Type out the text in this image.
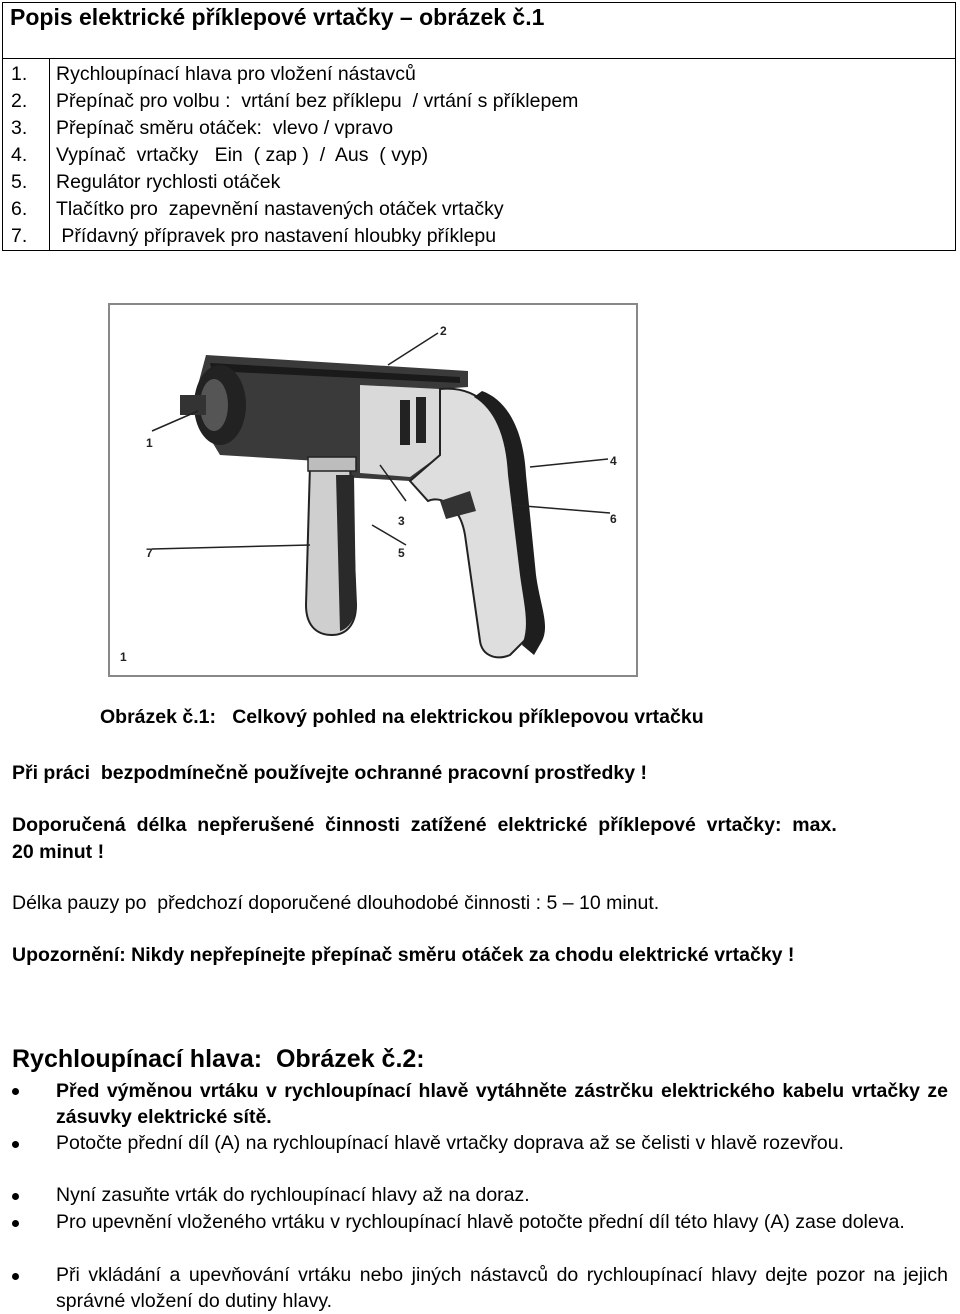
Popis elektrické příklepové vrtačky – obrázek č.1
1. Rychloupínací hlava pro vložení nástavců
2. Přepínač pro volbu :  vrtání bez příklepu  / vrtání s příklepem
3. Přepínač směru otáček:  vlevo / vpravo
4. Vypínač  vrtačky   Ein  ( zap )  /  Aus  ( vyp)
5. Regulátor rychlosti otáček
6. Tlačítko pro  zapevnění nastavených otáček vrtačky
7. Přídavný přípravek pro nastavení hloubky příklepu
1
2
3
4
5
6
7
1
Obrázek č.1:   Celkový pohled na elektrickou příklepovou vrtačku
Při práci  bezpodmínečně používejte ochranné pracovní prostředky !
Doporučená  délka  nepřerušené  činnosti  zatížené  elektrické  příklepové  vrtačky:  max.
20 minut !
Délka pauzy po  předchozí doporučené dlouhodobé činnosti : 5 – 10 minut.
Upozornění: Nikdy nepřepínejte přepínač směru otáček za chodu elektrické vrtačky !
Rychloupínací hlava:  Obrázek č.2:
Před výměnou vrtáku v rychloupínací hlavě vytáhněte zástrčku elektrického kabelu vrtačky ze zásuvky elektrické sítě.
Potočte přední díl (A) na rychloupínací hlavě vrtačky doprava až se čelisti v hlavě rozevřou.
Nyní zasuňte vrták do rychloupínací hlavy až na doraz.
Pro upevnění vloženého vrtáku v rychloupínací hlavě potočte přední díl této hlavy (A) zase doleva.
Při vkládání a upevňování vrtáku nebo jiných nástavců do rychloupínací hlavy dejte pozor na jejich správné vložení do dutiny hlavy.
